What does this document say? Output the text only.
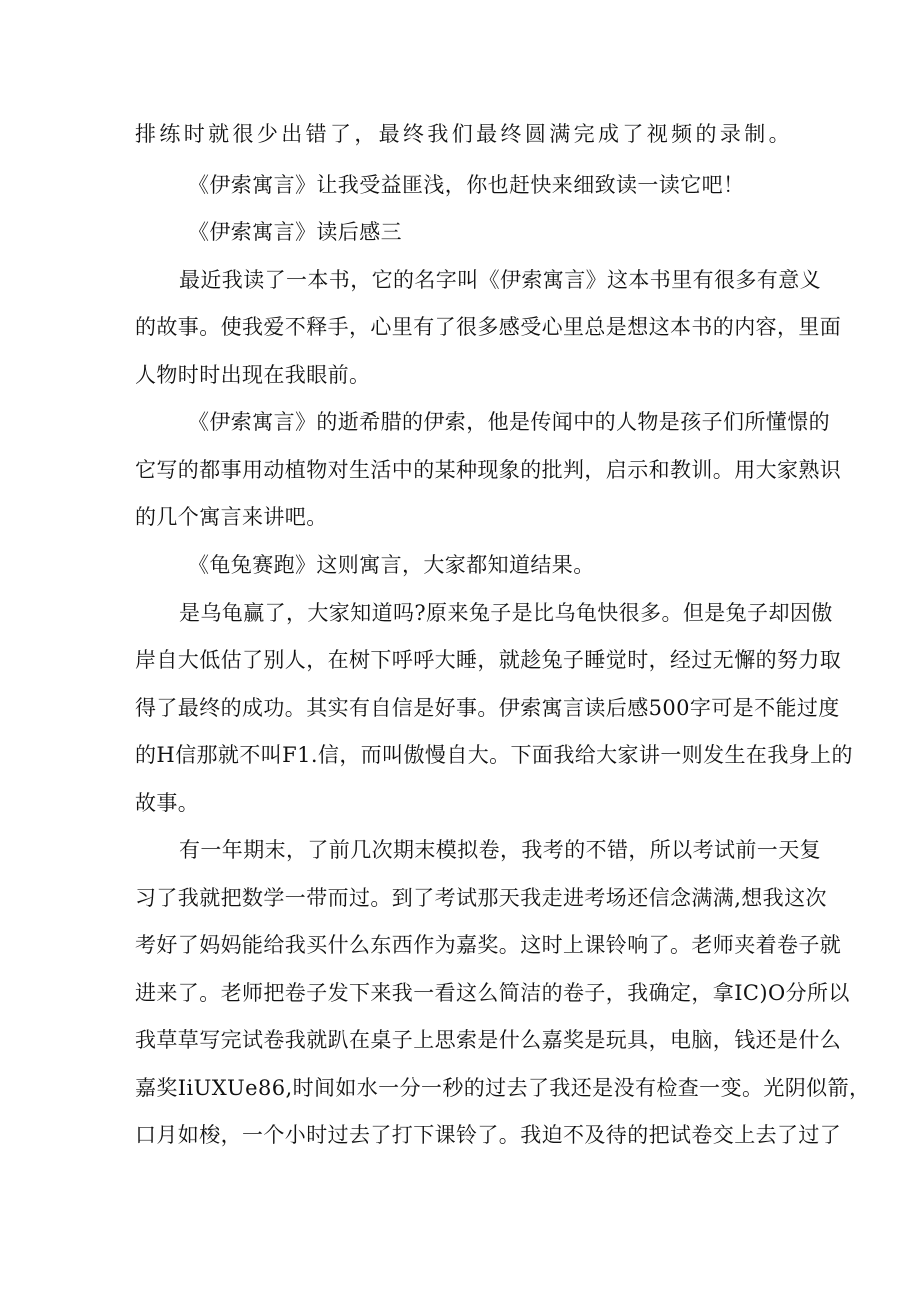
排练时就很少出错了，最终我们最终圆满完成了视频的录制。
《伊索寓言》让我受益匪浅，你也赶快来细致读一读它吧！
《伊索寓言》读后感三
最近我读了一本书，它的名字叫《伊索寓言》这本书里有很多有意义
的故事。使我爱不释手，心里有了很多感受心里总是想这本书的内容，里面
人物时时出现在我眼前。
《伊索寓言》的逝希腊的伊索，他是传闻中的人物是孩子们所懂憬的
它写的都事用动植物对生活中的某种现象的批判，启示和教训。用大家熟识
的几个寓言来讲吧。
《龟兔赛跑》这则寓言，大家都知道结果。
是乌龟赢了，大家知道吗?原来兔子是比乌龟快很多。但是兔子却因傲
岸自大低估了别人，在树下呼呼大睡，就趁兔子睡觉时，经过无懈的努力取
得了最终的成功。其实有自信是好事。伊索寓言读后感500字可是不能过度
的H信那就不叫F1.信，而叫傲慢自大。下面我给大家讲一则发生在我身上的
故事。
有一年期末，了前几次期末模拟卷，我考的不错，所以考试前一天复
习了我就把数学一带而过。到了考试那天我走进考场还信念满满,想我这次
考好了妈妈能给我买什么东西作为嘉奖。这时上课铃响了。老师夹着卷子就
进来了。老师把卷子发下来我一看这么简洁的卷子，我确定，拿IC)O分所以
我草草写完试卷我就趴在桌子上思索是什么嘉奖是玩具，电脑，钱还是什么
嘉奖IiUXUe86,时间如水一分一秒的过去了我还是没有检查一变。光阴似箭，
口月如梭，一个小时过去了打下课铃了。我迫不及待的把试卷交上去了过了
